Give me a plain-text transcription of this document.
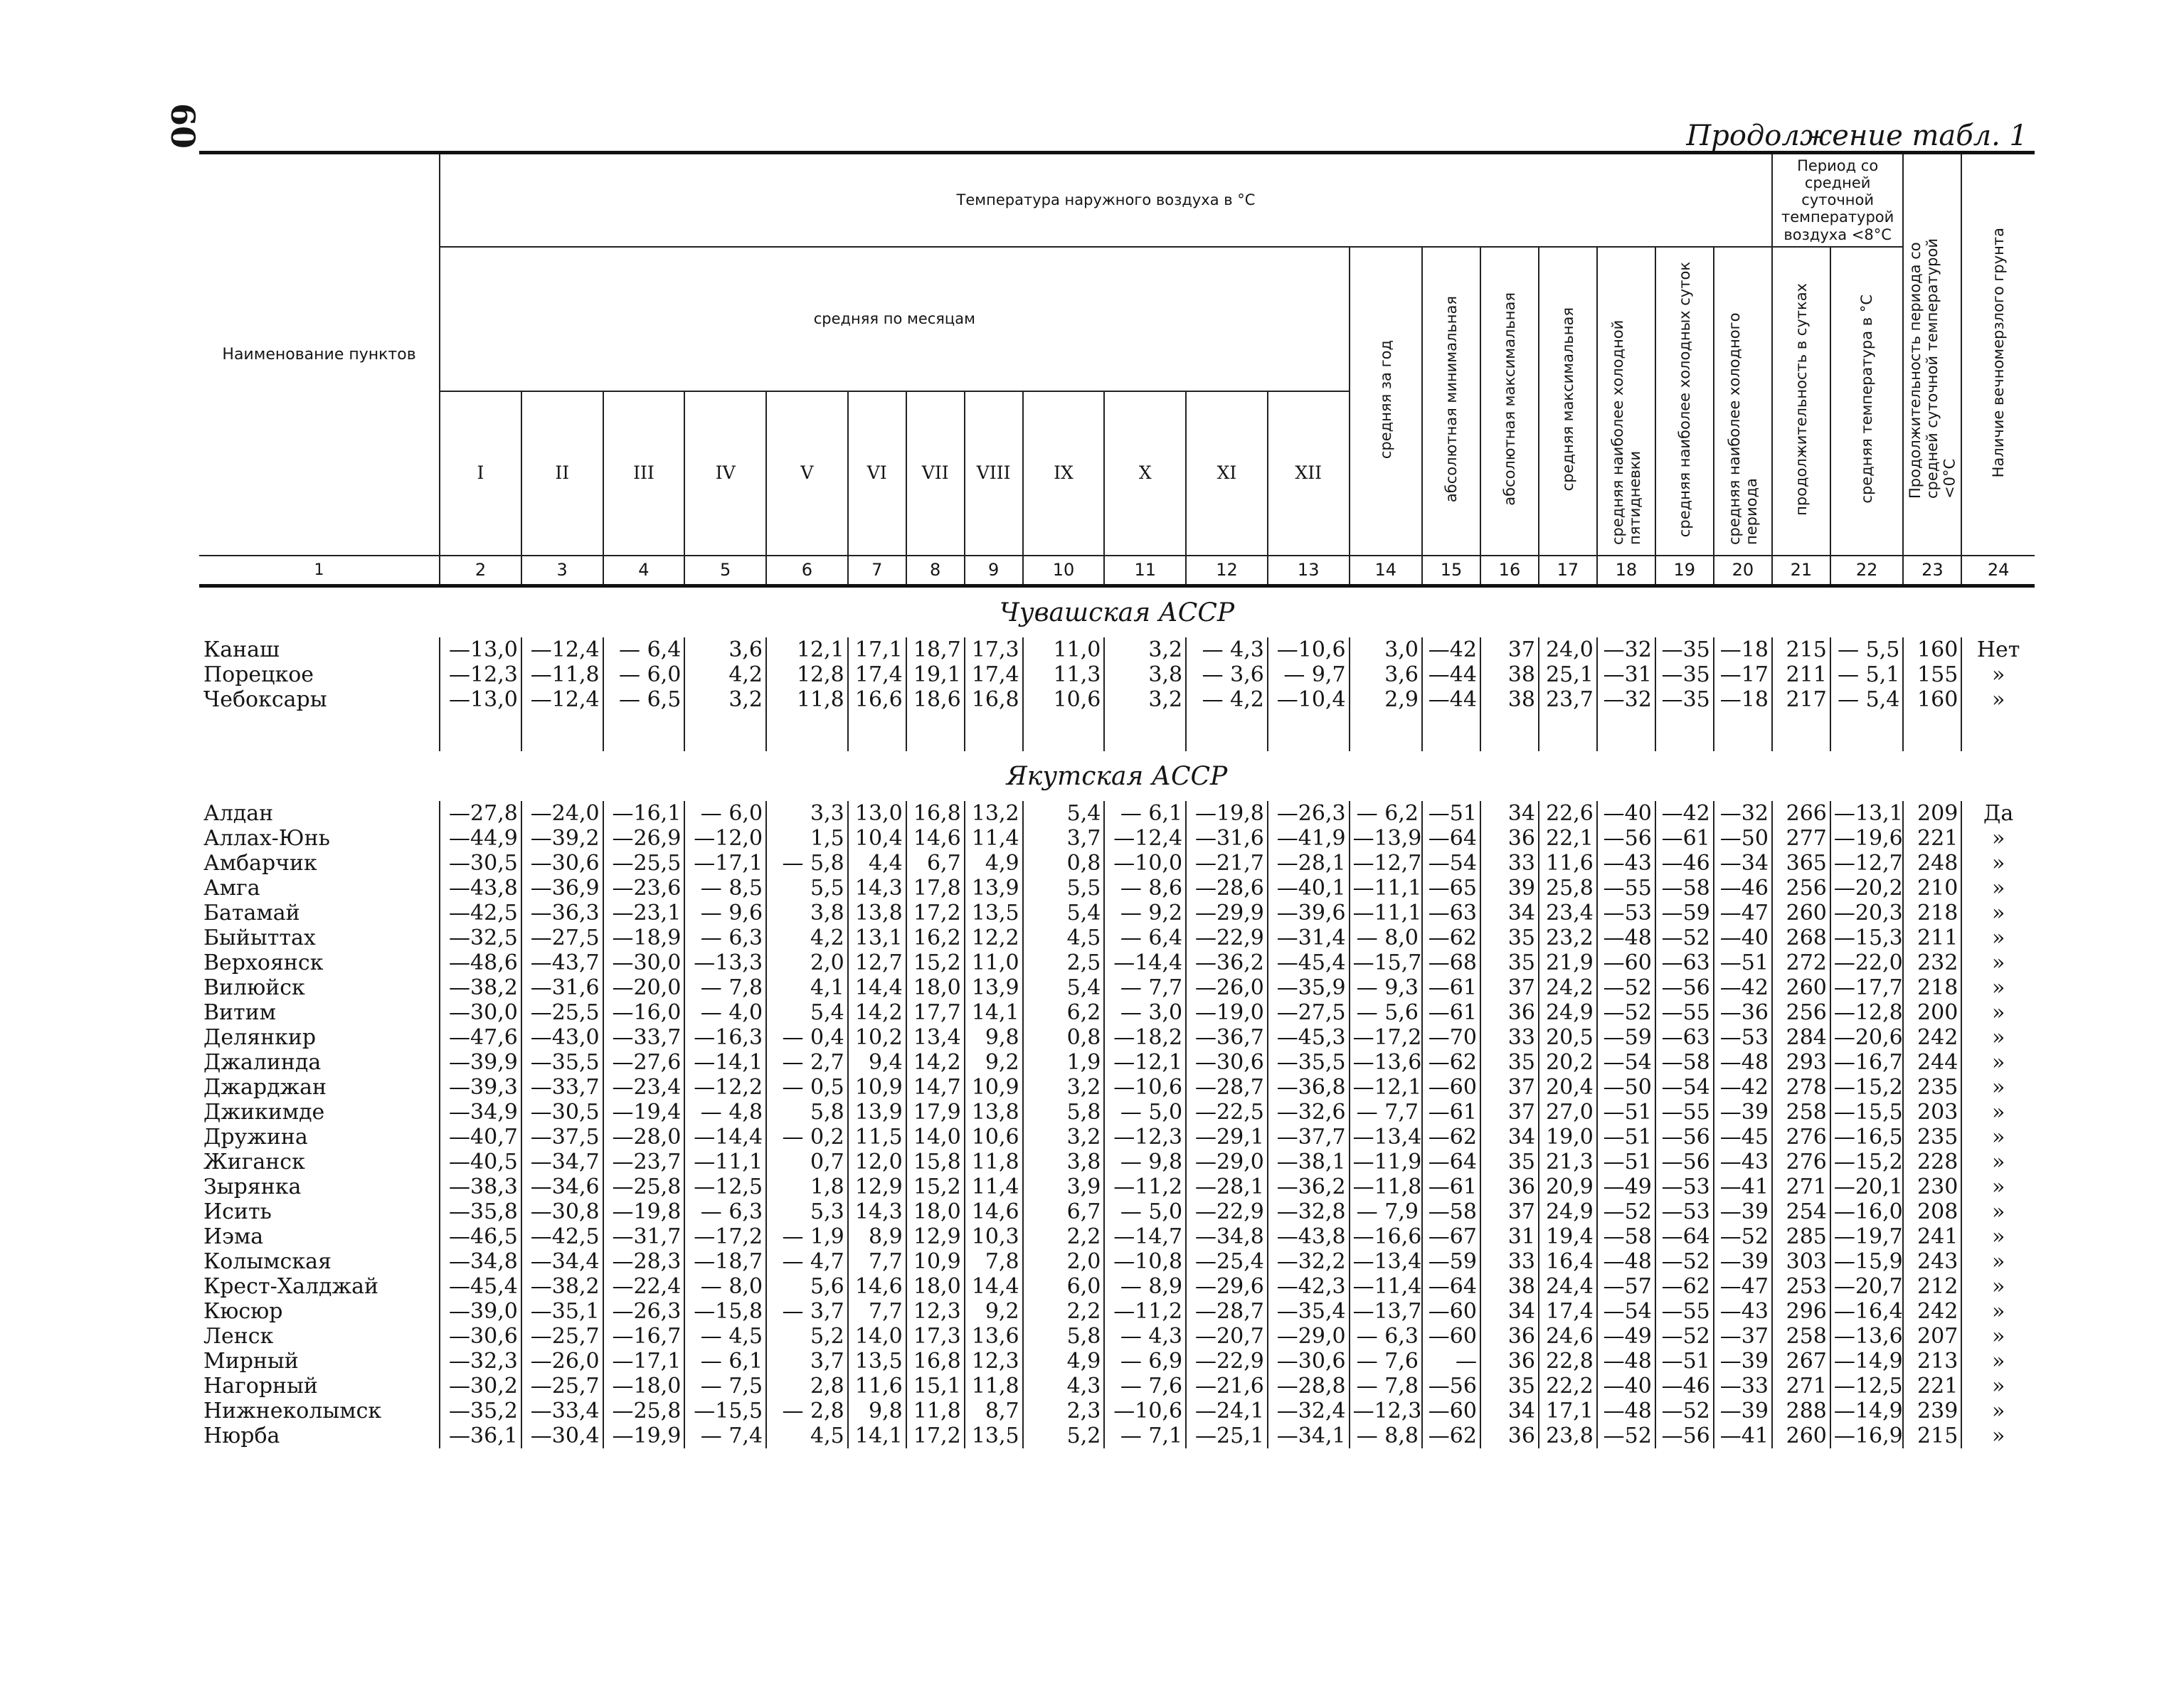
60	Продолжение табл. 1
Наименование пунктов	Температура наружного воздуха в °С																			Период со средней суточной температурой воздуха <8°С		Продолжительность периода со средней суточной температурой <0°С	Наличие вечномерзлого грунта
	средняя по месяцам												средняя за год	абсолютная минимальная	абсолютная максимальная	средняя максимальная	средняя наиболее холодной пятидневки	средняя наиболее холодных суток	средняя наиболее холодного периода	продолжительность в сутках	средняя температура в °С		
	I	II	III	IV	V	VI	VII	VIII	IX	X	XI	XII											
1	2	3	4	5	6	7	8	9	10	11	12	13	14	15	16	17	18	19	20	21	22	23	24
Чувашская АССР																							
Канаш	—13,0	—12,4	— 6,4	3,6	12,1	17,1	18,7	17,3	11,0	3,2	— 4,3	—10,6	3,0	—42	37	24,0	—32	—35	—18	215	— 5,5	160	Нет
Порецкое	—12,3	—11,8	— 6,0	4,2	12,8	17,4	19,1	17,4	11,3	3,8	— 3,6	— 9,7	3,6	—44	38	25,1	—31	—35	—17	211	— 5,1	155	»
Чебоксары	—13,0	—12,4	— 6,5	3,2	11,8	16,6	18,6	16,8	10,6	3,2	— 4,2	—10,4	2,9	—44	38	23,7	—32	—35	—18	217	— 5,4	160	»

Якутская АССР																							
Алдан	—27,8	—24,0	—16,1	— 6,0	3,3	13,0	16,8	13,2	5,4	— 6,1	—19,8	—26,3	— 6,2	—51	34	22,6	—40	—42	—32	266	—13,1	209	Да
Аллах-Юнь	—44,9	—39,2	—26,9	—12,0	1,5	10,4	14,6	11,4	3,7	—12,4	—31,6	—41,9	—13,9	—64	36	22,1	—56	—61	—50	277	—19,6	221	»
Амбарчик	—30,5	—30,6	—25,5	—17,1	— 5,8	4,4	6,7	4,9	0,8	—10,0	—21,7	—28,1	—12,7	—54	33	11,6	—43	—46	—34	365	—12,7	248	»
Амга	—43,8	—36,9	—23,6	— 8,5	5,5	14,3	17,8	13,9	5,5	— 8,6	—28,6	—40,1	—11,1	—65	39	25,8	—55	—58	—46	256	—20,2	210	»
Батамай	—42,5	—36,3	—23,1	— 9,6	3,8	13,8	17,2	13,5	5,4	— 9,2	—29,9	—39,6	—11,1	—63	34	23,4	—53	—59	—47	260	—20,3	218	»
Быйыттах	—32,5	—27,5	—18,9	— 6,3	4,2	13,1	16,2	12,2	4,5	— 6,4	—22,9	—31,4	— 8,0	—62	35	23,2	—48	—52	—40	268	—15,3	211	»
Верхоянск	—48,6	—43,7	—30,0	—13,3	2,0	12,7	15,2	11,0	2,5	—14,4	—36,2	—45,4	—15,7	—68	35	21,9	—60	—63	—51	272	—22,0	232	»
Вилюйск	—38,2	—31,6	—20,0	— 7,8	4,1	14,4	18,0	13,9	5,4	— 7,7	—26,0	—35,9	— 9,3	—61	37	24,2	—52	—56	—42	260	—17,7	218	»
Витим	—30,0	—25,5	—16,0	— 4,0	5,4	14,2	17,7	14,1	6,2	— 3,0	—19,0	—27,5	— 5,6	—61	36	24,9	—52	—55	—36	256	—12,8	200	»
Делянкир	—47,6	—43,0	—33,7	—16,3	— 0,4	10,2	13,4	9,8	0,8	—18,2	—36,7	—45,3	—17,2	—70	33	20,5	—59	—63	—53	284	—20,6	242	»
Джалинда	—39,9	—35,5	—27,6	—14,1	— 2,7	9,4	14,2	9,2	1,9	—12,1	—30,6	—35,5	—13,6	—62	35	20,2	—54	—58	—48	293	—16,7	244	»
Джарджан	—39,3	—33,7	—23,4	—12,2	— 0,5	10,9	14,7	10,9	3,2	—10,6	—28,7	—36,8	—12,1	—60	37	20,4	—50	—54	—42	278	—15,2	235	»
Джикимде	—34,9	—30,5	—19,4	— 4,8	5,8	13,9	17,9	13,8	5,8	— 5,0	—22,5	—32,6	— 7,7	—61	37	27,0	—51	—55	—39	258	—15,5	203	»
Дружина	—40,7	—37,5	—28,0	—14,4	— 0,2	11,5	14,0	10,6	3,2	—12,3	—29,1	—37,7	—13,4	—62	34	19,0	—51	—56	—45	276	—16,5	235	»
Жиганск	—40,5	—34,7	—23,7	—11,1	0,7	12,0	15,8	11,8	3,8	— 9,8	—29,0	—38,1	—11,9	—64	35	21,3	—51	—56	—43	276	—15,2	228	»
Зырянка	—38,3	—34,6	—25,8	—12,5	1,8	12,9	15,2	11,4	3,9	—11,2	—28,1	—36,2	—11,8	—61	36	20,9	—49	—53	—41	271	—20,1	230	»
Исить	—35,8	—30,8	—19,8	— 6,3	5,3	14,3	18,0	14,6	6,7	— 5,0	—22,9	—32,8	— 7,9	—58	37	24,9	—52	—53	—39	254	—16,0	208	»
Иэма	—46,5	—42,5	—31,7	—17,2	— 1,9	8,9	12,9	10,3	2,2	—14,7	—34,8	—43,8	—16,6	—67	31	19,4	—58	—64	—52	285	—19,7	241	»
Колымская	—34,8	—34,4	—28,3	—18,7	— 4,7	7,7	10,9	7,8	2,0	—10,8	—25,4	—32,2	—13,4	—59	33	16,4	—48	—52	—39	303	—15,9	243	»
Крест-Халджай	—45,4	—38,2	—22,4	— 8,0	5,6	14,6	18,0	14,4	6,0	— 8,9	—29,6	—42,3	—11,4	—64	38	24,4	—57	—62	—47	253	—20,7	212	»
Кюсюр	—39,0	—35,1	—26,3	—15,8	— 3,7	7,7	12,3	9,2	2,2	—11,2	—28,7	—35,4	—13,7	—60	34	17,4	—54	—55	—43	296	—16,4	242	»
Ленск	—30,6	—25,7	—16,7	— 4,5	5,2	14,0	17,3	13,6	5,8	— 4,3	—20,7	—29,0	— 6,3	—60	36	24,6	—49	—52	—37	258	—13,6	207	»
Мирный	—32,3	—26,0	—17,1	— 6,1	3,7	13,5	16,8	12,3	4,9	— 6,9	—22,9	—30,6	— 7,6	—	36	22,8	—48	—51	—39	267	—14,9	213	»
Нагорный	—30,2	—25,7	—18,0	— 7,5	2,8	11,6	15,1	11,8	4,3	— 7,6	—21,6	—28,8	— 7,8	—56	35	22,2	—40	—46	—33	271	—12,5	221	»
Нижнеколымск	—35,2	—33,4	—25,8	—15,5	— 2,8	9,8	11,8	8,7	2,3	—10,6	—24,1	—32,4	—12,3	—60	34	17,1	—48	—52	—39	288	—14,9	239	»
Нюрба	—36,1	—30,4	—19,9	— 7,4	4,5	14,1	17,2	13,5	5,2	— 7,1	—25,1	—34,1	— 8,8	—62	36	23,8	—52	—56	—41	260	—16,9	215	»
